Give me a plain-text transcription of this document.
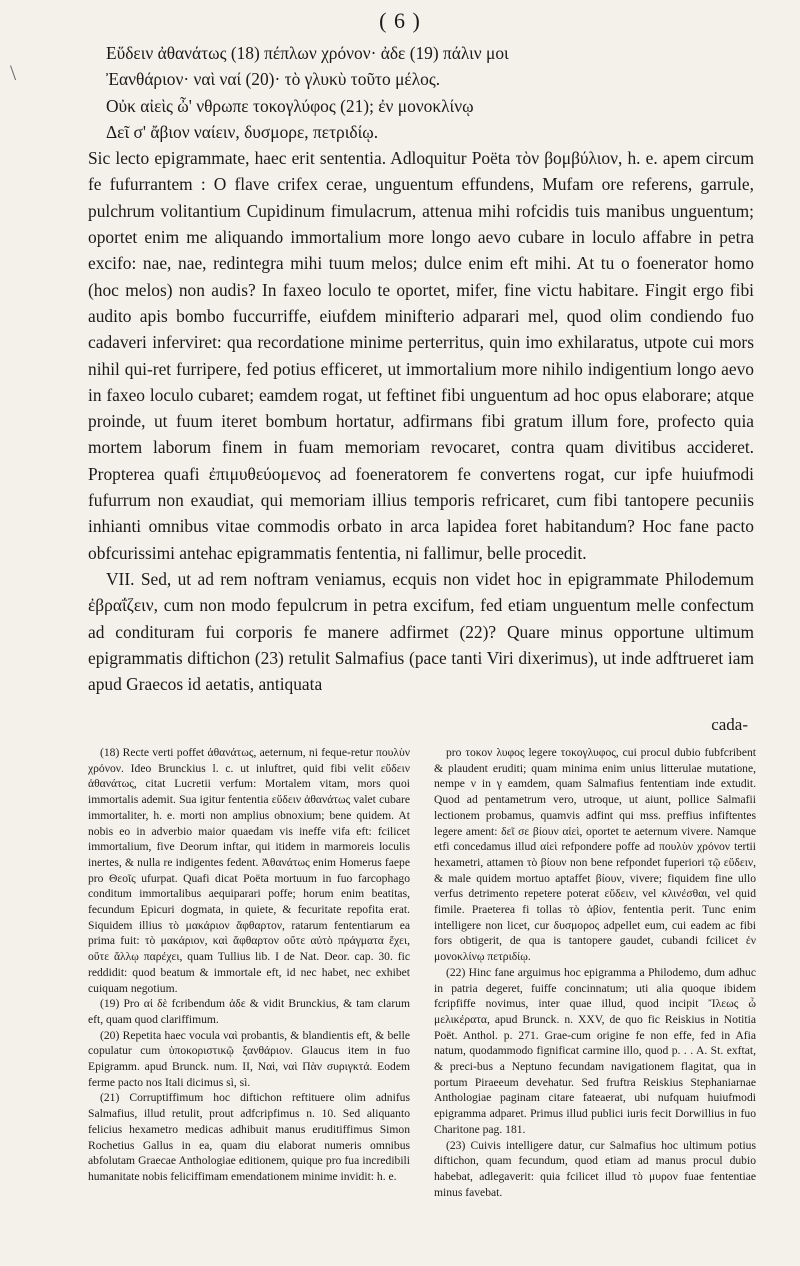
( 6 )
\

Εὕδειν ἀθανάτως (18) πέπλων χρόνον· ἀδε (19) πάλιν μοι

Ἐανθάριον· ναὶ ναί (20)· τὸ γλυκὺ τοῦτο μέλος.

Οὐκ αἰεὶς ὦ' νθρωπε τοκογλύφος (21); ἐν μονοκλίνῳ

Δεῖ σ' ἄβιον ναίειν, δυσμορε, πετριδίῳ.

Sic lecto epigrammate, haec erit sententia. Adloquitur Poëta τὸν βομβύλιον, h. e. apem circum fe fufurrantem : O flave crifex cerae, unguentum effundens, Mufam ore referens, garrule, pulchrum volitantium Cupidinum fimulacrum, attenua mihi rofcidis tuis manibus unguentum; oportet enim me aliquando immortalium more longo aevo cubare in loculo affabre in petra excifo: nae, nae, redintegra mihi tuum melos; dulce enim eft mihi. At tu o foenerator homo (hoc melos) non audis? In faxeo loculo te oportet, mifer, fine victu habitare. Fingit ergo fibi audito apis bombo fuccurriffe, eiufdem minifterio adparari mel, quod olim condiendo fuo cadaveri inferviret: qua recordatione minime perterritus, quin imo exhilaratus, utpote cui mors nihil qui-ret furripere, fed potius efficeret, ut immortalium more nihilo indigentium longo aevo in faxeo loculo cubaret; eamdem rogat, ut feftinet fibi unguentum ad hoc opus elaborare; atque proinde, ut fuum iteret bombum hortatur, adfirmans fibi gratum illum fore, profecto quia mortem laborum finem in fuam memoriam revocaret, contra quam divitibus accideret. Propterea quafi ἐπιμυθεύομενος ad foeneratorem fe convertens rogat, cur ipfe huiufmodi fufurrum non exaudiat, qui memoriam illius temporis refricaret, cum fibi tantopere pecuniis inhianti omnibus vitae commodis orbato in arca lapidea foret habitandum? Hoc fane pacto obfcurissimi antehac epigrammatis fententia, ni fallimur, belle procedit.

VII. Sed, ut ad rem noftram veniamus, ecquis non videt hoc in epigrammate Philodemum ἐβραΐζειν, cum non modo fepulcrum in petra excifum, fed etiam unguentum melle confectum ad condituram fui corporis fe manere adfirmet (22)? Quare minus opportune ultimum epigrammatis diftichon (23) retulit Salmafius (pace tanti Viri dixerimus), ut inde adftrueret iam apud Graecos id aetatis, antiquata

cada-

(18) Recte verti poffet ἀθανάτως, aeternum, ni feque-retur πουλὺν χρόνον. Ideo Brunckius l. c. ut inluftret, quid fibi velit εὕδειν ἀθανάτως, citat Lucretii verfum: Mortalem vitam, mors quoi immortalis ademit. Sua igitur fententia εὕδειν ἀθανάτως valet cubare immortaliter, h. e. morti non amplius obnoxium; bene quidem. At nobis eo in adverbio maior quaedam vis ineffe vifa eft: fcilicet immortalium, five Deorum inftar, qui itidem in marmoreis loculis inertes, & nulla re indigentes fedent. Ἀθανάτως enim Homerus faepe pro Θεοῖς ufurpat. Quafi dicat Poëta mortuum in fuo farcophago conditum immortalibus aequiparari poffe; horum enim beatitas, fecundum Epicuri dogmata, in quiete, & fecuritate repofita erat. Siquidem illius τὸ μακάριον ἄφθαρτον, ratarum fententiarum ea prima fuit: τὸ μακάριον, καὶ ἄφθαρτον οὔτε αὐτὸ πράγματα ἔχει, οὔτε ἄλλῳ παρέχει, quam Tullius lib. I de Nat. Deor. cap. 30. fic reddidit: quod beatum & immortale eft, id nec habet, nec exhibet cuiquam negotium.

(19) Pro αἰ δὲ fcribendum ἀδε & vidit Brunckius, & tam clarum eft, quam quod clariffimum.

(20) Repetita haec vocula ναὶ probantis, & blandientis eft, & belle copulatur cum ὑποκοριστικῷ ξανθάριον. Glaucus item in fuo Epigramm. apud Brunck. num. II, Ναὶ, ναὶ Πὰν συριγκτά. Eodem ferme pacto nos Itali dicimus sì, sì.

(21) Corruptiffimum hoc diftichon reftituere olim adnifus Salmafius, illud retulit, prout adfcripfimus n. 10. Sed aliquanto felicius hexametro medicas adhibuit manus eruditiffimus Simon Rochetius Gallus in ea, quam diu elaborat numeris omnibus abfolutam Graecae Anthologiae editionem, quique pro fua incredibili humanitate nobis feliciffimam emendationem minime invidit: h. e.

pro τοκον λυφος legere τοκογλυφος, cui procul dubio fubfcribent & plaudent eruditi; quam minima enim unius litterulae mutatione, nempe ν in γ eamdem, quam Salmafius fententiam inde extudit. Quod ad pentametrum vero, utroque, ut aiunt, pollice Salmafii lectionem probamus, quamvis adfint qui mss. preffius infiftentes legere ament: δεῖ σε βίουν αἰεὶ, oportet te aeternum vivere. Namque etfi concedamus illud αἰεὶ refpondere poffe ad πουλὺν χρόνον tertii hexametri, attamen τὸ βίουν non bene refpondet fuperiori τῷ εὕδειν, & male quidem mortuo aptaffet βίουν, vivere; fiquidem fine ullo verfus detrimento repetere poterat εὕδειν, vel κλινέσθαι, vel quid fimile. Praeterea fi tollas τὸ ἀβίον, fententia perit. Tunc enim intelligere non licet, cur δυσμορος adpellet eum, cui eadem ac fibi fors obtigerit, de qua is tantopere gaudet, cubandi fcilicet ἐν μονοκλίνῳ πετριδίῳ.

(22) Hinc fane arguimus hoc epigramma a Philodemo, dum adhuc in patria degeret, fuiffe concinnatum; uti alia quoque ibidem fcripfiffe novimus, inter quae illud, quod incipit Ἴλεως ὦ μελικέρατα, apud Brunck. n. XXV, de quo fic Reiskius in Notitia Poët. Anthol. p. 271. Grae-cum origine fe non effe, fed in Afia natum, quodammodo fignificat carmine illo, quod p. . . A. St. exftat, & preci-bus a Neptuno fecundam navigationem flagitat, qua in portum Piraeeum devehatur. Sed fruftra Reiskius Stephaniarnae Anthologiae paginam citare fateaerat, ubi nufquam huiufmodi epigramma adparet. Primus illud publici iuris fecit Dorwillius in fuo Charitone pag. 181.

(23) Cuivis intelligere datur, cur Salmafius hoc ultimum potius diftichon, quam fecundum, quod etiam ad manus procul dubio habebat, adlegaverit: quia fcilicet illud τὸ μυρον fuae fententiae minus favebat.
